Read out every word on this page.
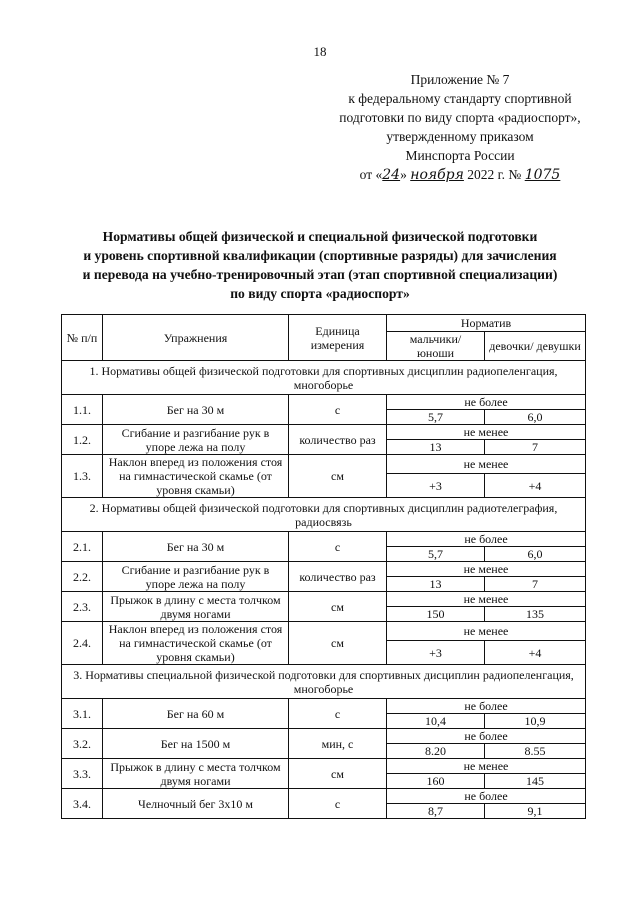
18
Приложение № 7
к федеральному стандарту спортивной
подготовки по виду спорта «радиоспорт»,
утвержденному приказом
Минспорта России
от «24» ноября 2022 г. № 1075
Нормативы общей физической и специальной физической подготовки
и уровень спортивной квалификации (спортивные разряды) для зачисления
и перевода на учебно-тренировочный этап (этап спортивной специализации)
по виду спорта «радиоспорт»
№ п/п	Упражнения	Единица измерения	Норматив	
			мальчики/ юноши	девочки/ девушки
1. Нормативы общей физической подготовки для спортивных дисциплин радиопеленгация, многоборье				
1.1.	Бег на 30 м	с	не более	
			5,7	6,0
1.2.	Сгибание и разгибание рук в упоре лежа на полу	количество раз	не менее	
			13	7
1.3.	Наклон вперед из положения стоя на гимнастической скамье (от уровня скамьи)	см	не менее	
			+3	+4
2. Нормативы общей физической подготовки для спортивных дисциплин радиотелеграфия, радиосвязь				
2.1.	Бег на 30 м	с	не более	
			5,7	6,0
2.2.	Сгибание и разгибание рук в упоре лежа на полу	количество раз	не менее	
			13	7
2.3.	Прыжок в длину с места толчком двумя ногами	см	не менее	
			150	135
2.4.	Наклон вперед из положения стоя на гимнастической скамье (от уровня скамьи)	см	не менее	
			+3	+4
3. Нормативы специальной физической подготовки для спортивных дисциплин радиопеленгация, многоборье				
3.1.	Бег на 60 м	с	не более	
			10,4	10,9
3.2.	Бег на 1500 м	мин, с	не более	
			8.20	8.55
3.3.	Прыжок в длину с места толчком двумя ногами	см	не менее	
			160	145
3.4.	Челночный бег 3x10 м	с	не более	
			8,7	9,1
